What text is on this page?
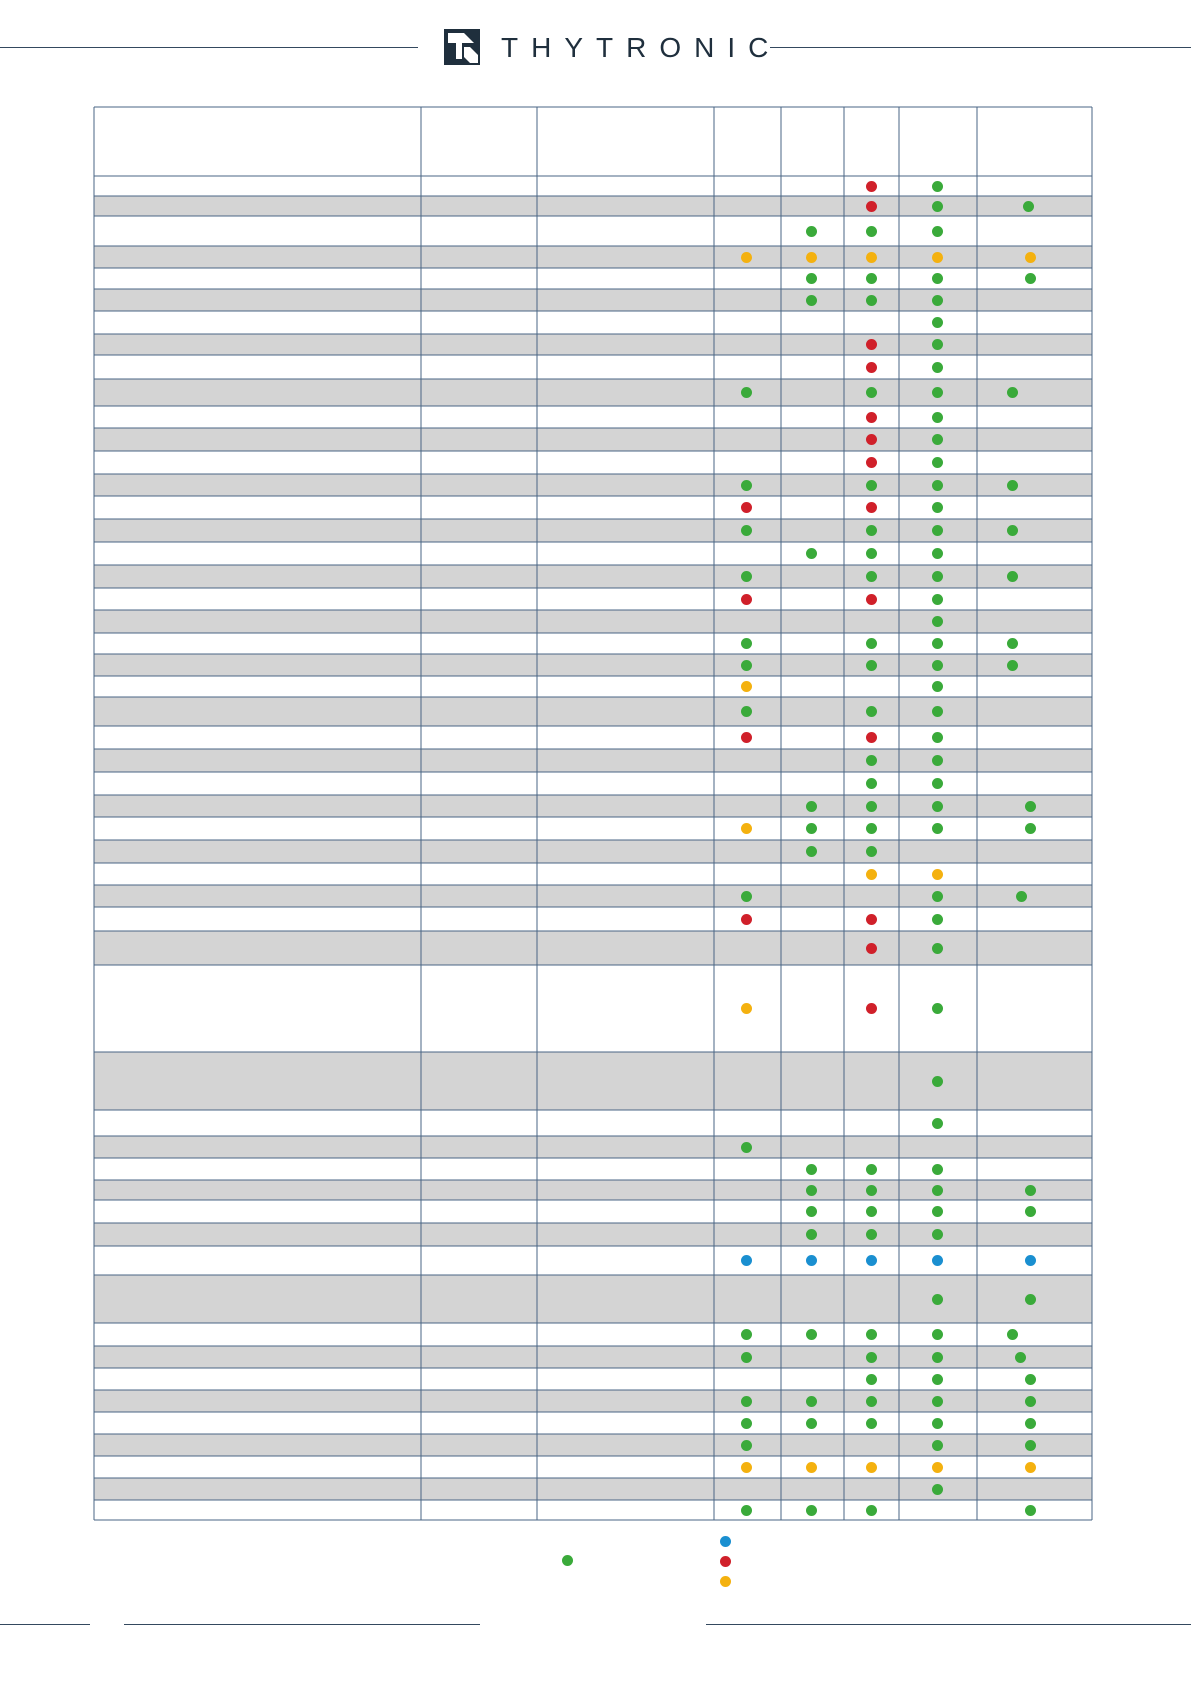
THYTRONIC
